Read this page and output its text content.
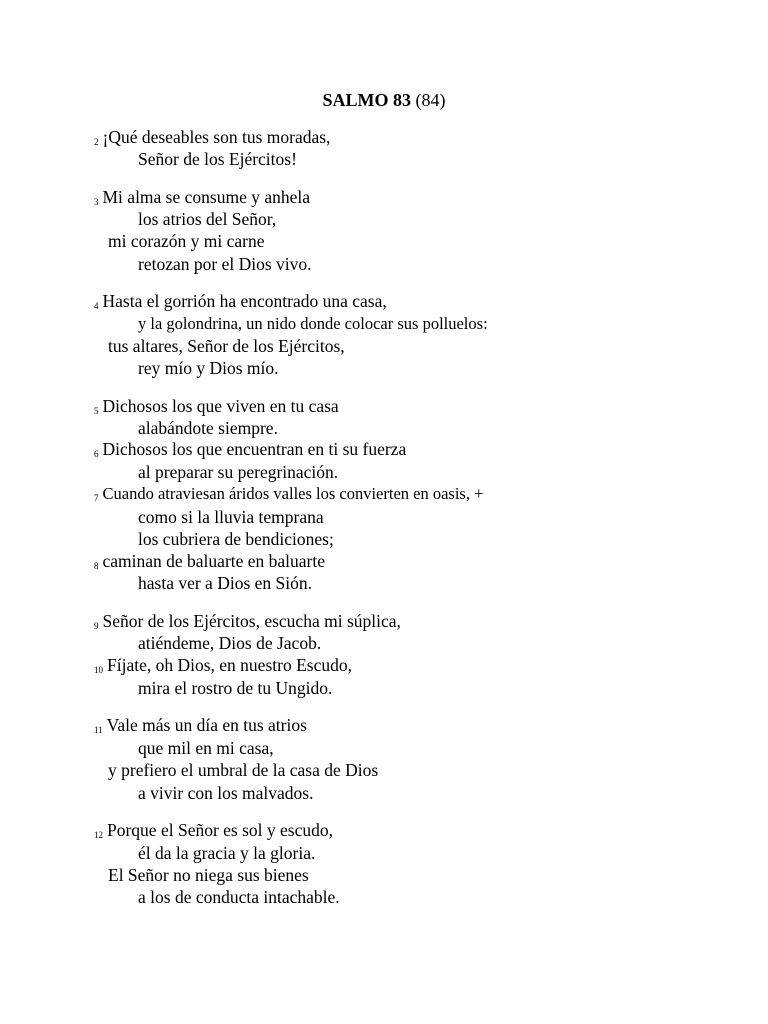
SALMO 83 (84)
2 ¡Qué deseables son tus moradas,
Señor de los Ejércitos!
3 Mi alma se consume y anhela
los atrios del Señor,
mi corazón y mi carne
retozan por el Dios vivo.
4 Hasta el gorrión ha encontrado una casa,
y la golondrina, un nido donde colocar sus polluelos:
tus altares, Señor de los Ejércitos,
rey mío y Dios mío.
5 Dichosos los que viven en tu casa
alabándote siempre.
6 Dichosos los que encuentran en ti su fuerza
al preparar su peregrinación.
7 Cuando atraviesan áridos valles los convierten en oasis, +
como si la lluvia temprana
los cubriera de bendiciones;
8 caminan de baluarte en baluarte
hasta ver a Dios en Sión.
9 Señor de los Ejércitos, escucha mi súplica,
atiéndeme, Dios de Jacob.
10 Fíjate, oh Dios, en nuestro Escudo,
mira el rostro de tu Ungido.
11 Vale más un día en tus atrios
que mil en mi casa,
y prefiero el umbral de la casa de Dios
a vivir con los malvados.
12 Porque el Señor es sol y escudo,
él da la gracia y la gloria.
El Señor no niega sus bienes
a los de conducta intachable.
